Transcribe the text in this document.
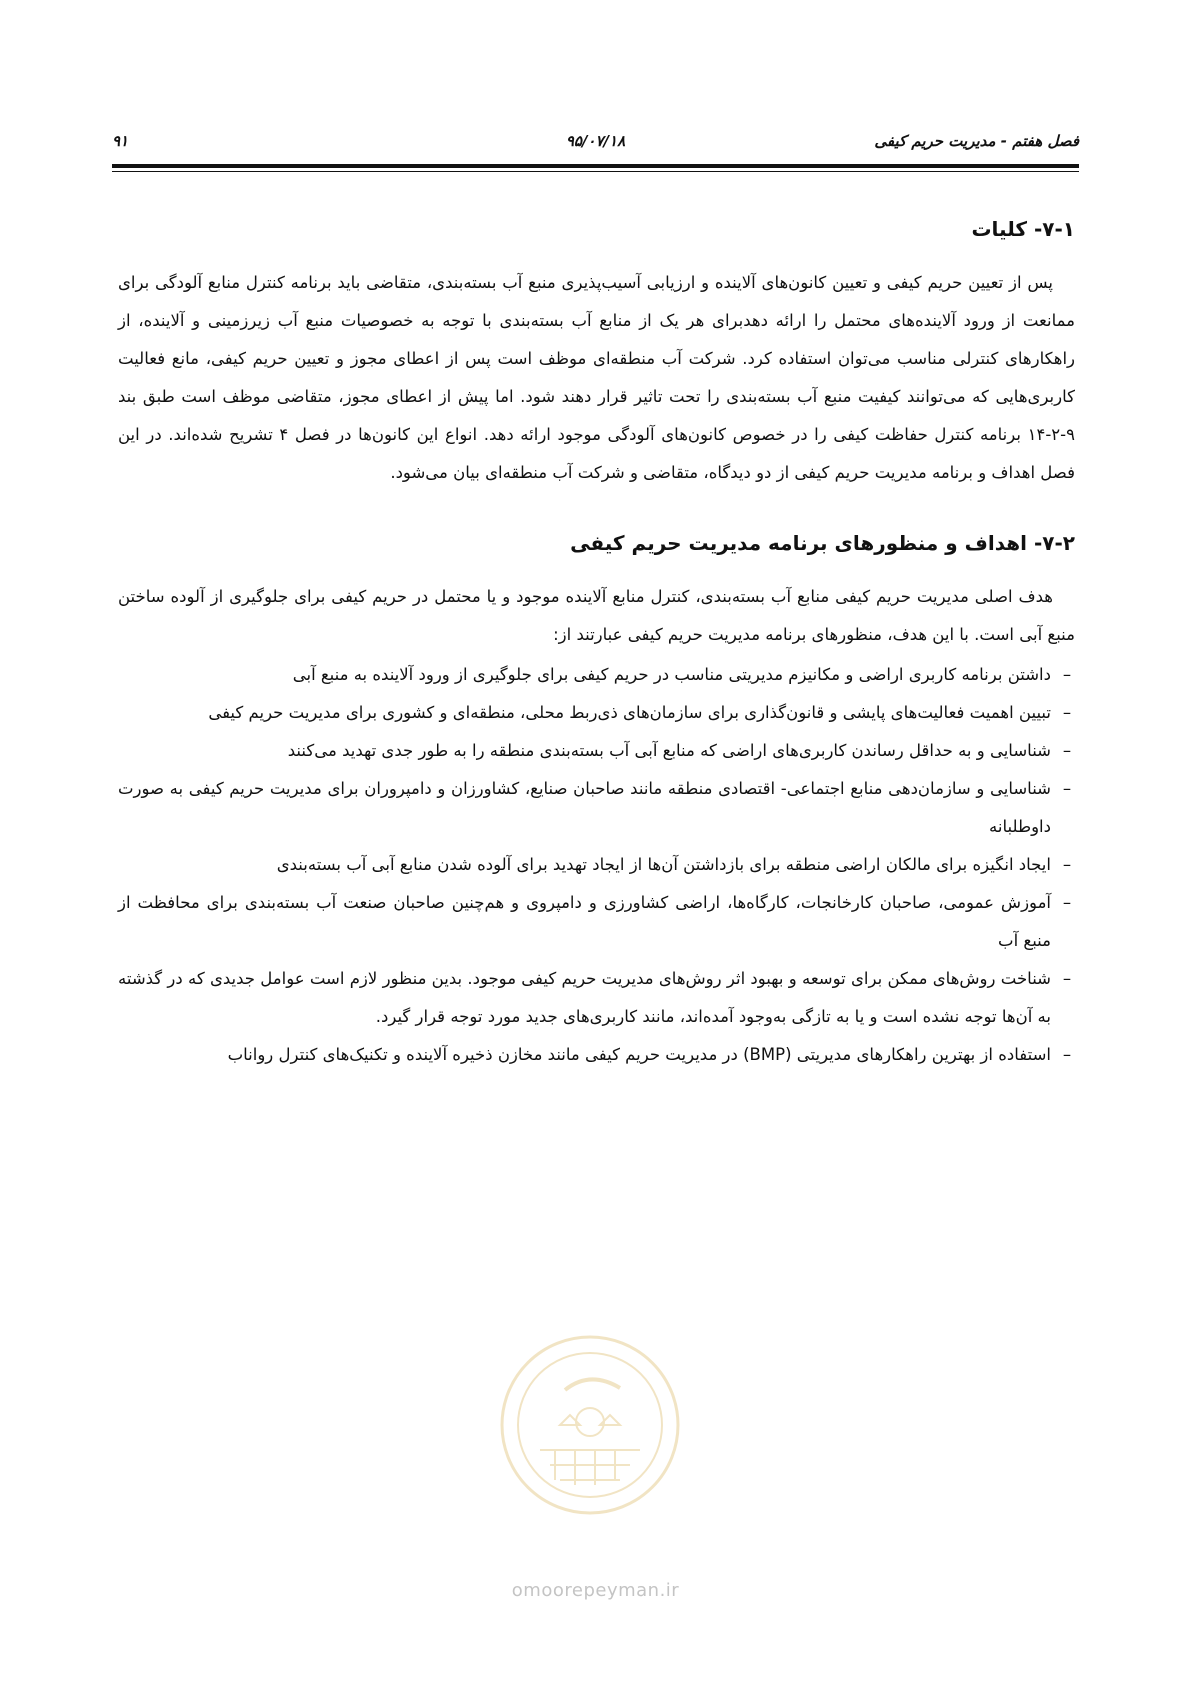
فصل هفتم - مدیریت حریم کیفی
۹۵/۰۷/۱۸
۹۱
۷-۱- کلیات

پس از تعیین حریم کیفی و تعیین کانون‌های آلاینده و ارزیابی آسیب‌پذیری منبع آب بسته‌بندی، متقاضی باید برنامه کنترل منابع آلودگی برای ممانعت از ورود آلاینده‌های محتمل را ارائه دهدبرای هر یک از منابع آب بسته‌بندی با توجه به خصوصیات منبع آب زیرزمینی و آلاینده، از راهکارهای کنترلی مناسب می‌توان استفاده کرد. شرکت آب منطقه‌ای موظف است پس از اعطای مجوز و تعیین حریم کیفی، مانع فعالیت کاربری‌هایی که می‌توانند کیفیت منبع آب بسته‌بندی را تحت تاثیر قرار دهند شود. اما پیش از اعطای مجوز، متقاضی موظف است طبق بند ۹-۲-۱۴ برنامه کنترل حفاظت کیفی را در خصوص کانون‌های آلودگی موجود ارائه دهد. انواع این کانون‌ها در فصل ۴ تشریح شده‌اند. در این فصل اهداف و برنامه مدیریت حریم کیفی از دو دیدگاه، متقاضی و شرکت آب منطقه‌ای بیان می‌شود.

۷-۲- اهداف و منظورهای برنامه مدیریت حریم کیفی

هدف اصلی مدیریت حریم کیفی منابع آب بسته‌بندی، کنترل منابع آلاینده موجود و یا محتمل در حریم کیفی برای جلوگیری از آلوده ساختن منبع آبی است. با این هدف، منظورهای برنامه مدیریت حریم کیفی عبارتند از:

–
داشتن برنامه کاربری اراضی و مکانیزم مدیریتی مناسب در حریم کیفی برای جلوگیری از ورود آلاینده به منبع آبی
–
تبیین اهمیت فعالیت‌های پایشی و قانون‌گذاری برای سازمان‌های ذی‌ربط محلی، منطقه‌ای و کشوری برای مدیریت حریم کیفی
–
شناسایی و به حداقل رساندن کاربری‌های اراضی که منابع آبی آب بسته‌بندی منطقه را به طور جدی تهدید می‌کنند
–
شناسایی و سازمان‌دهی منابع اجتماعی- اقتصادی منطقه مانند صاحبان صنایع، کشاورزان و دامپروران برای مدیریت حریم کیفی به صورت داوطلبانه
–
ایجاد انگیزه برای مالکان اراضی منطقه برای بازداشتن آن‌ها از ایجاد تهدید برای آلوده شدن منابع آبی آب بسته‌بندی
–
آموزش عمومی، صاحبان کارخانجات، کارگاه‌ها، اراضی کشاورزی و دامپروی و هم‌چنین صاحبان صنعت آب بسته‌بندی برای محافظت از منبع آب
–
شناخت روش‌های ممکن برای توسعه و بهبود اثر روش‌های مدیریت حریم کیفی موجود. بدین منظور لازم است عوامل جدیدی که در گذشته به آن‌ها توجه نشده است و یا به تازگی به‌وجود آمده‌اند، مانند کاربری‌های جدید مورد توجه قرار گیرد.
–
استفاده از بهترین راهکارهای مدیریتی (BMP) در مدیریت حریم کیفی مانند مخازن ذخیره آلاینده و تکنیک‌های کنترل رواناب
omoorepeyman.ir
